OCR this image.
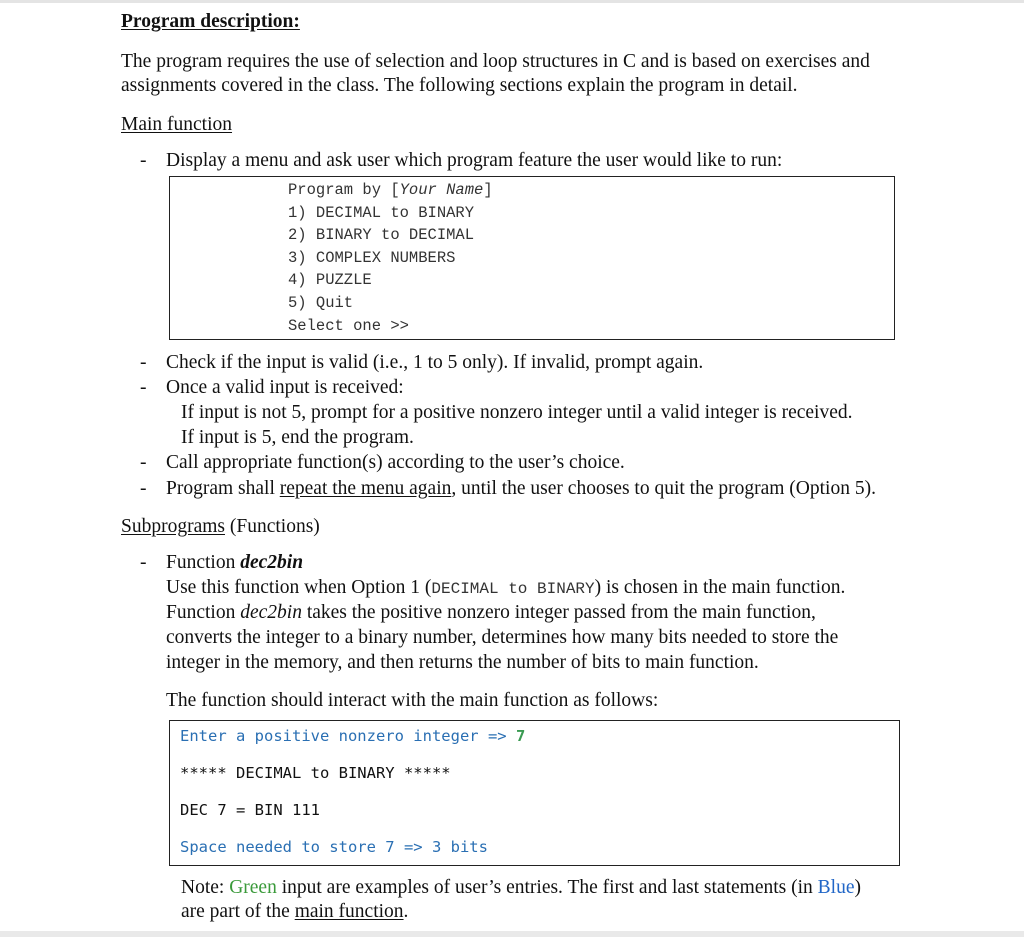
Program description:
The program requires the use of selection and loop structures in C and is based on exercises and
assignments covered in the class. The following sections explain the program in detail.
Main function
- Display a menu and ask user which program feature the user would like to run:
Program by [Your Name]
1) DECIMAL to BINARY
2) BINARY to DECIMAL
3) COMPLEX NUMBERS
4) PUZZLE
5) Quit
Select one >>
- Check if the input is valid (i.e., 1 to 5 only). If invalid, prompt again.
- Once a valid input is received:
If input is not 5, prompt for a positive nonzero integer until a valid integer is received.
If input is 5, end the program.
- Call appropriate function(s) according to the user’s choice.
- Program shall repeat the menu again, until the user chooses to quit the program (Option 5).
Subprograms (Functions)
- Function dec2bin
Use this function when Option 1 (DECIMAL to BINARY) is chosen in the main function.
Function dec2bin takes the positive nonzero integer passed from the main function,
converts the integer to a binary number, determines how many bits needed to store the
integer in the memory, and then returns the number of bits to main function.
The function should interact with the main function as follows:
Enter a positive nonzero integer => 7
***** DECIMAL to BINARY *****
DEC 7 = BIN 111
Space needed to store 7 => 3 bits
Note: Green input are examples of user’s entries. The first and last statements (in Blue)
are part of the main function.
